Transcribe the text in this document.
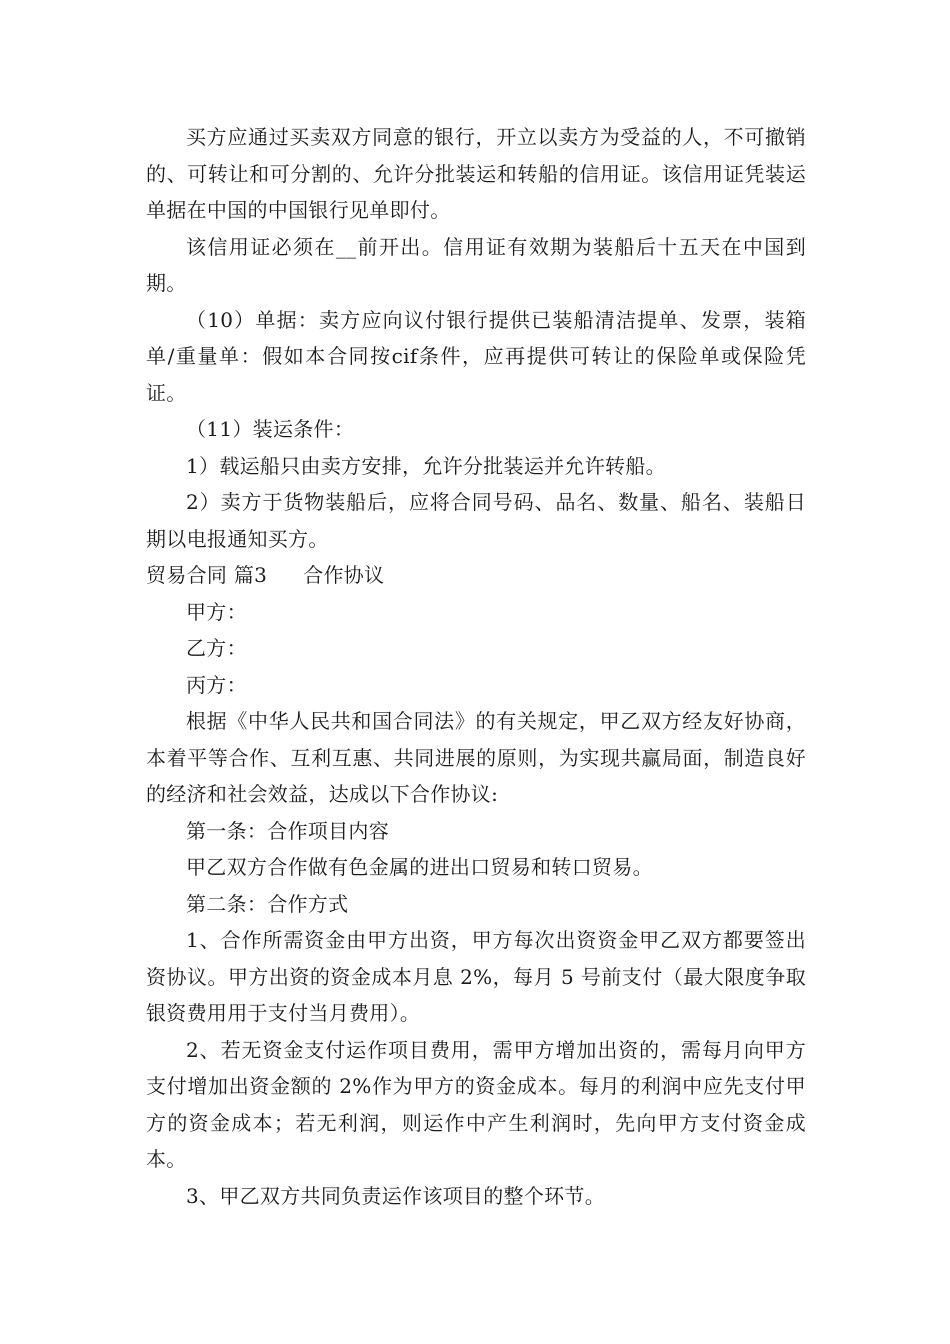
买方应通过买卖双方同意的银行，开立以卖方为受益的人，不可撤销的、可转让和可分割的、允许分批装运和转船的信用证。该信用证凭装运单据在中国的中国银行见单即付。

该信用证必须在__前开出。信用证有效期为装船后十五天在中国到期。

（10）单据：卖方应向议付银行提供已装船清洁提单、发票，装箱单/重量单：假如本合同按cif条件，应再提供可转让的保险单或保险凭证。

（11）装运条件：

1）载运船只由卖方安排，允许分批装运并允许转船。

2）卖方于货物装船后，应将合同号码、品名、数量、船名、装船日期以电报通知买方。

贸易合同 篇3 合作协议

甲方：

乙方：

丙方：

根据《中华人民共和国合同法》的有关规定，甲乙双方经友好协商，本着平等合作、互利互惠、共同进展的原则，为实现共赢局面，制造良好的经济和社会效益，达成以下合作协议:

第一条：合作项目内容

甲乙双方合作做有色金属的进出口贸易和转口贸易。

第二条：合作方式

1、合作所需资金由甲方出资，甲方每次出资资金甲乙双方都要签出资协议。甲方出资的资金成本月息 2%，每月 5 号前支付（最大限度争取银资费用用于支付当月费用）。

2、若无资金支付运作项目费用，需甲方增加出资的，需每月向甲方支付增加出资金额的 2%作为甲方的资金成本。每月的利润中应先支付甲方的资金成本；若无利润，则运作中产生利润时，先向甲方支付资金成本。

3、甲乙双方共同负责运作该项目的整个环节。
